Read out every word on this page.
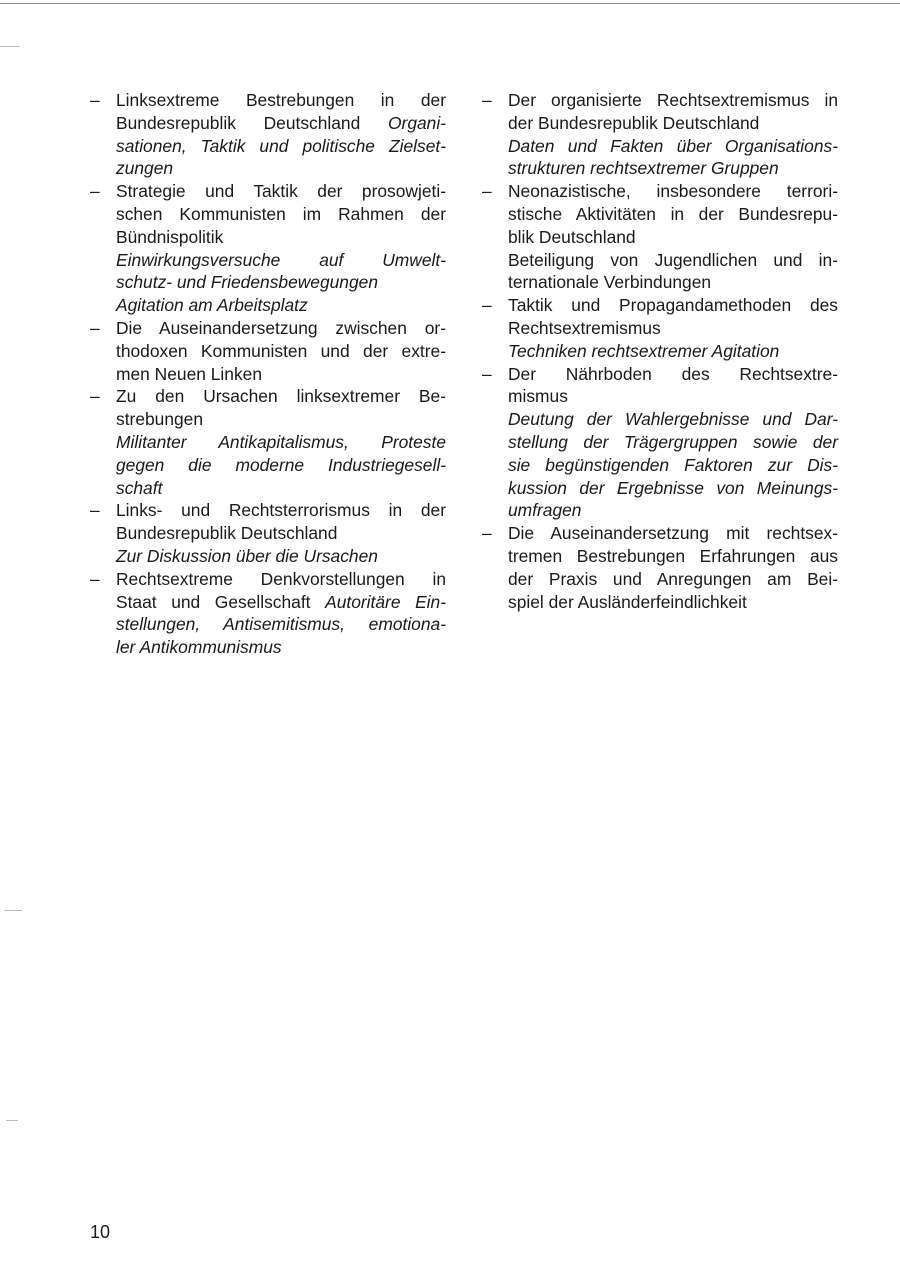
– Linksextreme Bestrebungen in der
Bundesrepublik Deutschland Organi-
sationen, Taktik und politische Zielset-
zungen
– Strategie und Taktik der prosowjeti-
schen Kommunisten im Rahmen der
Bündnispolitik
Einwirkungsversuche auf Umwelt-
schutz- und Friedensbewegungen
Agitation am Arbeitsplatz
– Die Auseinandersetzung zwischen or-
thodoxen Kommunisten und der extre-
men Neuen Linken
– Zu den Ursachen linksextremer Be-
strebungen
Militanter Antikapitalismus, Proteste
gegen die moderne Industriegesell-
schaft
– Links- und Rechtsterrorismus in der
Bundesrepublik Deutschland
Zur Diskussion über die Ursachen
– Rechtsextreme Denkvorstellungen in
Staat und Gesellschaft Autoritäre Ein-
stellungen, Antisemitismus, emotiona-
ler Antikommunismus
– Der organisierte Rechtsextremismus in
der Bundesrepublik Deutschland
Daten und Fakten über Organisations-
strukturen rechtsextremer Gruppen
– Neonazistische, insbesondere terrori-
stische Aktivitäten in der Bundesrepu-
blik Deutschland
Beteiligung von Jugendlichen und in-
ternationale Verbindungen
– Taktik und Propagandamethoden des
Rechtsextremismus
Techniken rechtsextremer Agitation
– Der Nährboden des Rechtsextre-
mismus
Deutung der Wahlergebnisse und Dar-
stellung der Trägergruppen sowie der
sie begünstigenden Faktoren zur Dis-
kussion der Ergebnisse von Meinungs-
umfragen
– Die Auseinandersetzung mit rechtsex-
tremen Bestrebungen Erfahrungen aus
der Praxis und Anregungen am Bei-
spiel der Ausländerfeindlichkeit
10
